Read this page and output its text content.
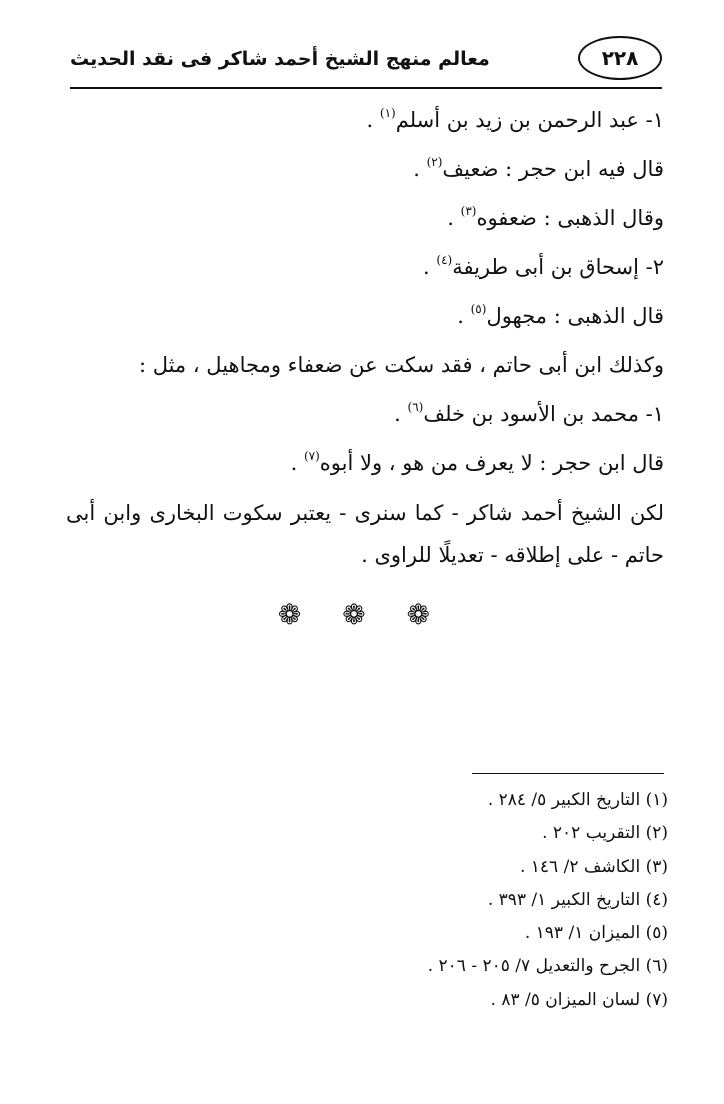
معالم منهج الشيخ أحمد شاكر فى نقد الحديث	٢٢٨
١- عبد الرحمن بن زيد بن أسلم$^{(١)}$ .
قال فيه ابن حجر : ضعيف$^{(٢)}$ .
وقال الذهبى : ضعفوه$^{(٣)}$ .
٢- إسحاق بن أبى طريفة$^{(٤)}$ .
قال الذهبى : مجهول$^{(٥)}$ .
وكذلك ابن أبى حاتم ، فقد سكت عن ضعفاء ومجاهيل ، مثل :
١- محمد بن الأسود بن خلف$^{(٦)}$ .
قال ابن حجر : لا يعرف من هو ، ولا أبوه$^{(٧)}$ .
لكن الشيخ أحمد شاكر - كما سنرى - يعتبر سكوت البخارى وابن أبى حاتم - على إطلاقه - تعديلًا للراوى .
❁ ❁ ❁
(١) التاريخ الكبير ٥/ ٢٨٤ .
(٢) التقريب ٢٠٢ .
(٣) الكاشف ٢/ ١٤٦ .
(٤) التاريخ الكبير ١/ ٣٩٣ .
(٥) الميزان ١/ ١٩٣ .
(٦) الجرح والتعديل ٧/ ٢٠٥ - ٢٠٦ .
(٧) لسان الميزان ٥/ ٨٣ .
